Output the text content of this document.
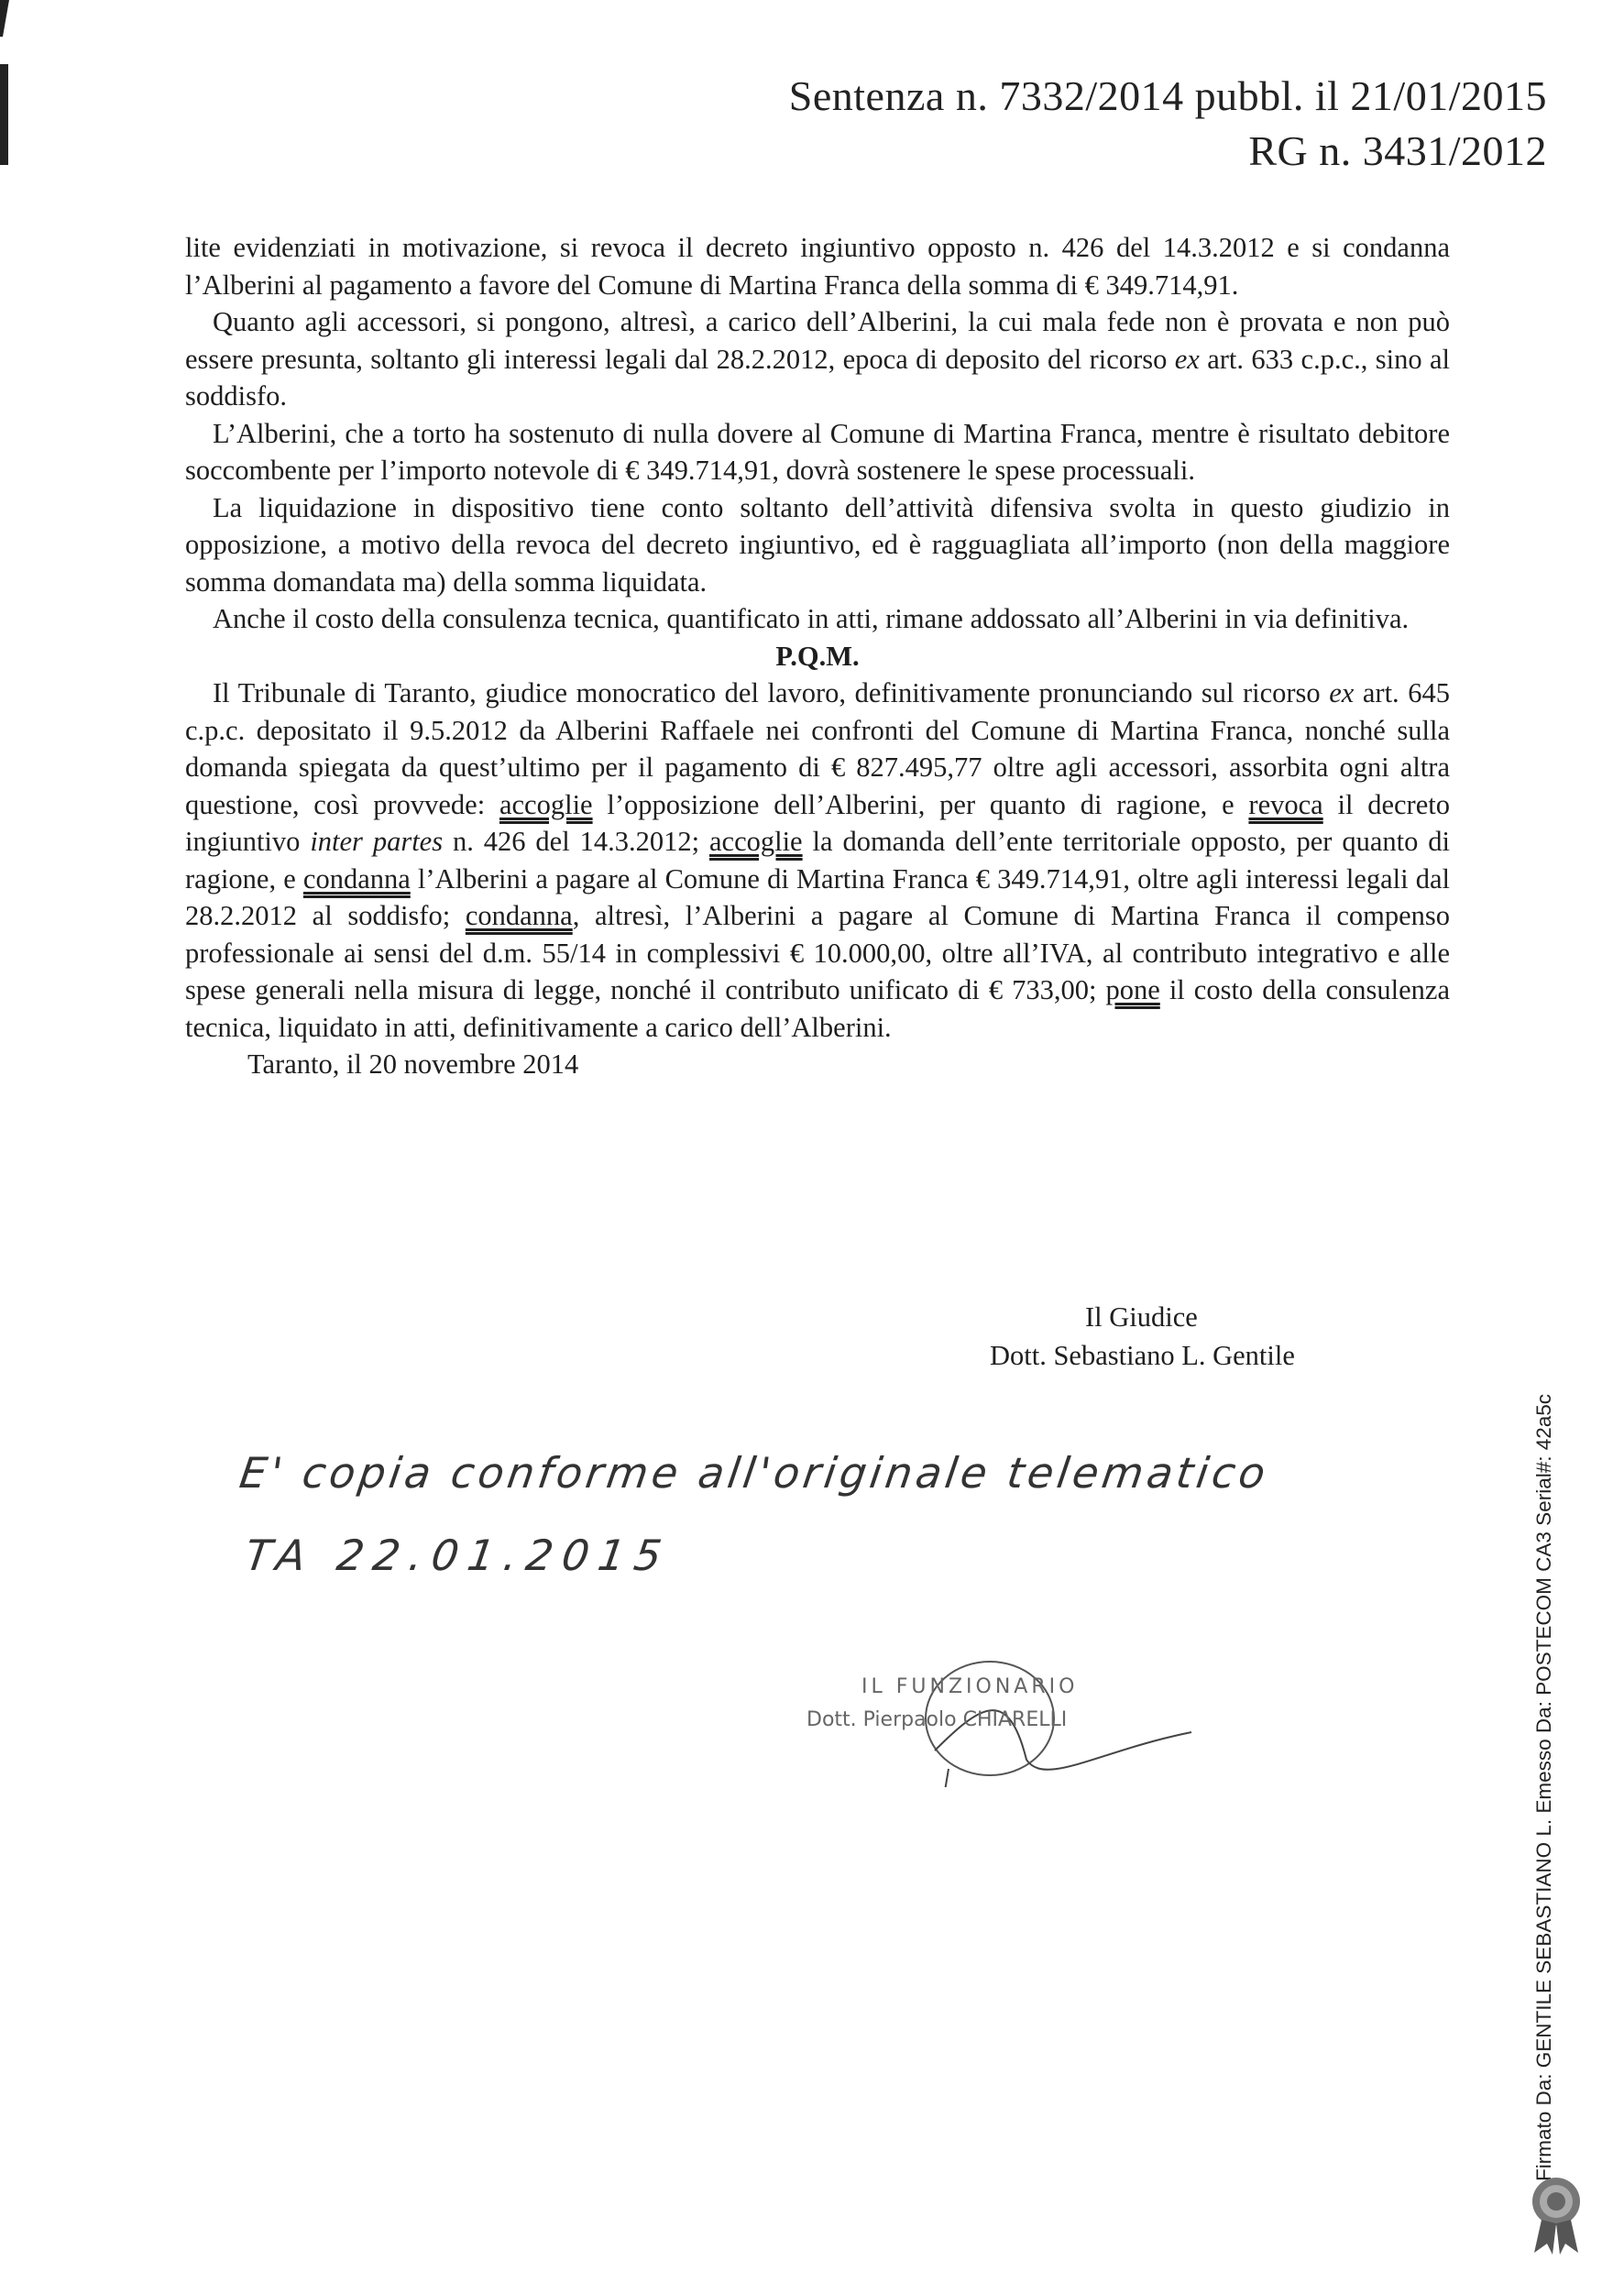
Sentenza n. 7332/2014 pubbl. il 21/01/2015
RG n. 3431/2012

lite evidenziati in motivazione, si revoca il decreto ingiuntivo opposto n. 426 del 14.3.2012 e si condanna l’Alberini al pagamento a favore del Comune di Martina Franca della somma di € 349.714,91.

Quanto agli accessori, si pongono, altresì, a carico dell’Alberini, la cui mala fede non è provata e non può essere presunta, soltanto gli interessi legali dal 28.2.2012, epoca di deposito del ricorso ex art. 633 c.p.c., sino al soddisfo.

L’Alberini, che a torto ha sostenuto di nulla dovere al Comune di Martina Franca, mentre è risultato debitore soccombente per l’importo notevole di € 349.714,91, dovrà sostenere le spese processuali.

La liquidazione in dispositivo tiene conto soltanto dell’attività difensiva svolta in questo giudizio in opposizione, a motivo della revoca del decreto ingiuntivo, ed è ragguagliata all’importo (non della maggiore somma domandata ma) della somma liquidata.

Anche il costo della consulenza tecnica, quantificato in atti, rimane addossato all’Alberini in via definitiva.

P.Q.M.

Il Tribunale di Taranto, giudice monocratico del lavoro, definitivamente pronunciando sul ricorso ex art. 645 c.p.c. depositato il 9.5.2012 da Alberini Raffaele nei confronti del Comune di Martina Franca, nonché sulla domanda spiegata da quest’ultimo per il pagamento di € 827.495,77 oltre agli accessori, assorbita ogni altra questione, così provvede: accoglie l’opposizione dell’Alberini, per quanto di ragione, e revoca il decreto ingiuntivo inter partes n. 426 del 14.3.2012; accoglie la domanda dell’ente territoriale opposto, per quanto di ragione, e condanna l’Alberini a pagare al Comune di Martina Franca € 349.714,91, oltre agli interessi legali dal 28.2.2012 al soddisfo; condanna, altresì, l’Alberini a pagare al Comune di Martina Franca il compenso professionale ai sensi del d.m. 55/14 in complessivi € 10.000,00, oltre all’IVA, al contributo integrativo e alle spese generali nella misura di legge, nonché il contributo unificato di € 733,00; pone il costo della consulenza tecnica, liquidato in atti, definitivamente a carico dell’Alberini.

Taranto, il 20 novembre 2014

Il Giudice
Dott. Sebastiano L. Gentile
E' copia conforme all'originale telematico
TA 22.01.2015
IL FUNZIONARIO
Dott. Pierpaolo CHIARELLI	Firmato Da: GENTILE SEBASTIANO L. Emesso Da: POSTECOM CA3 Serial#: 42a5c
